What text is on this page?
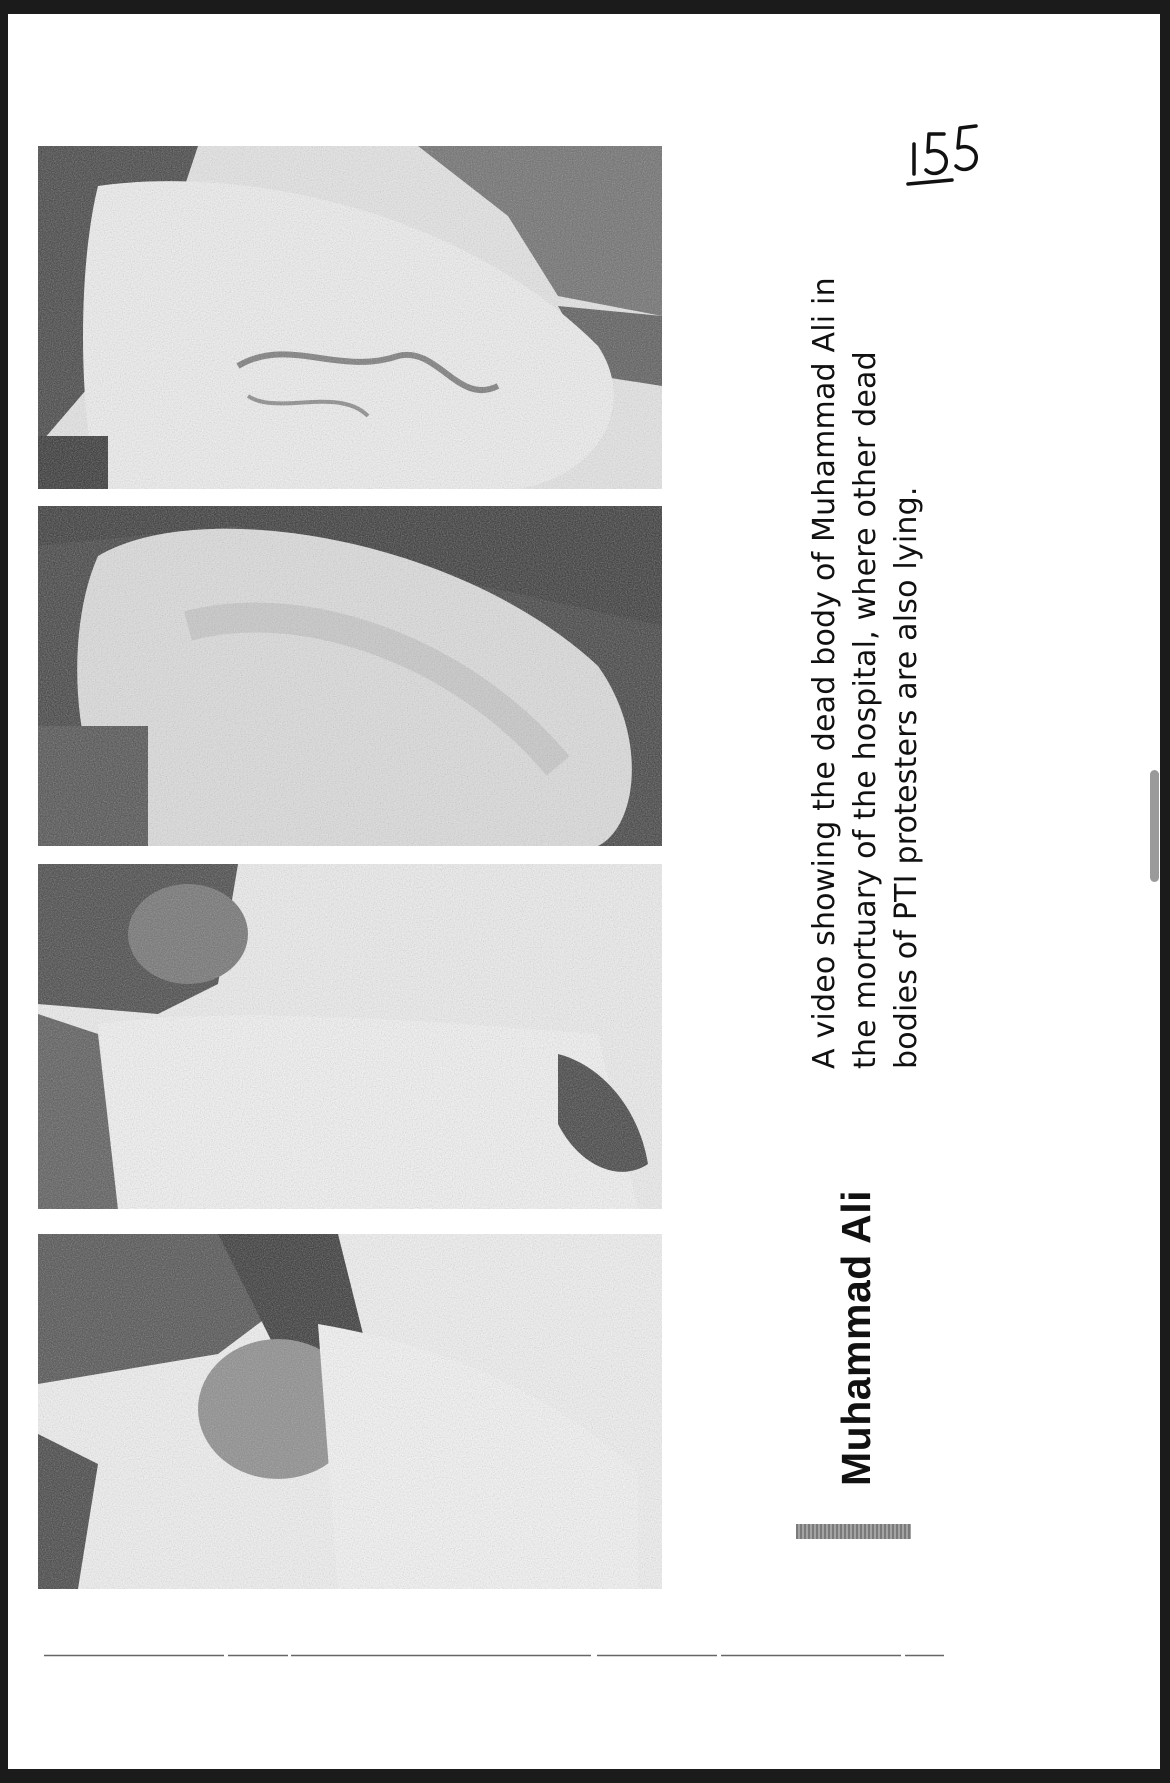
Muhammad Ali
A video showing the dead body of Muhammad Ali in the mortuary of the hospital, where other dead bodies of PTI protesters are also lying.
